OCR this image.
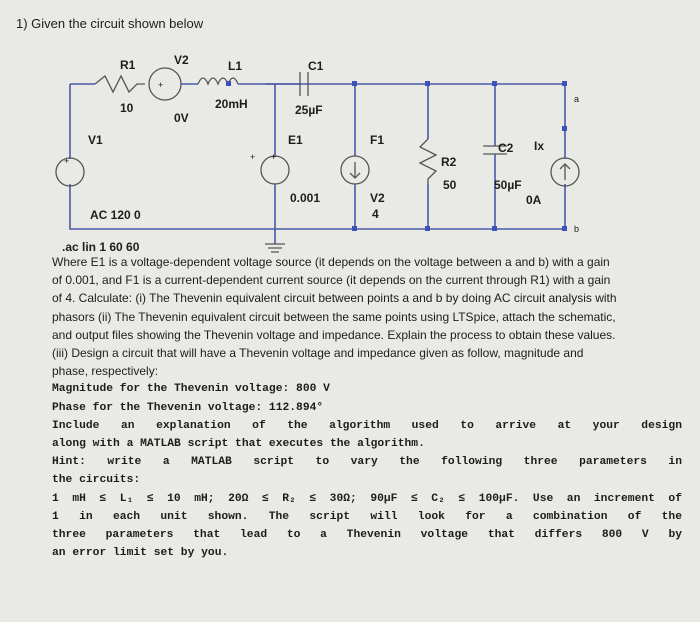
1) Given the circuit shown below
+
+	+ +
R1
10
V2
0V
L1
20mH
C1
25µF
V1
AC 120 0
E1
0.001
F1
V2
4
R2
50
C2
50µF
Ix
0A
a
b
.ac lin 1 60 60
Where E1 is a voltage-dependent voltage source (it depends on the voltage between a and b) with a gain
of 0.001, and F1 is a current-dependent current source (it depends on the current through R1) with a gain
of 4. Calculate: (i) The Thevenin equivalent circuit between points a and b by doing AC circuit analysis with
phasors (ii) The Thevenin equivalent circuit between the same points using LTSpice, attach the schematic,
and output files showing the Thevenin voltage and impedance. Explain the process to obtain these values.
(iii) Design a circuit that will have a Thevenin voltage and impedance given as follow, magnitude and
phase, respectively:
Magnitude for the Thevenin voltage: 800 V
Phase for the Thevenin voltage: 112.894°
Include an explanation of the algorithm used to arrive at your design
along with a MATLAB script that executes the algorithm.
Hint: write a MATLAB script to vary the following three parameters in
the circuits:
1 mH ≤ L₁ ≤ 10 mH; 20Ω ≤ R₂ ≤ 30Ω; 90µF ≤ C₂ ≤ 100µF. Use an increment of
1 in each unit shown. The script will look for a combination of the
three parameters that lead to a Thevenin voltage that differs 800 V by
an error limit set by you.
